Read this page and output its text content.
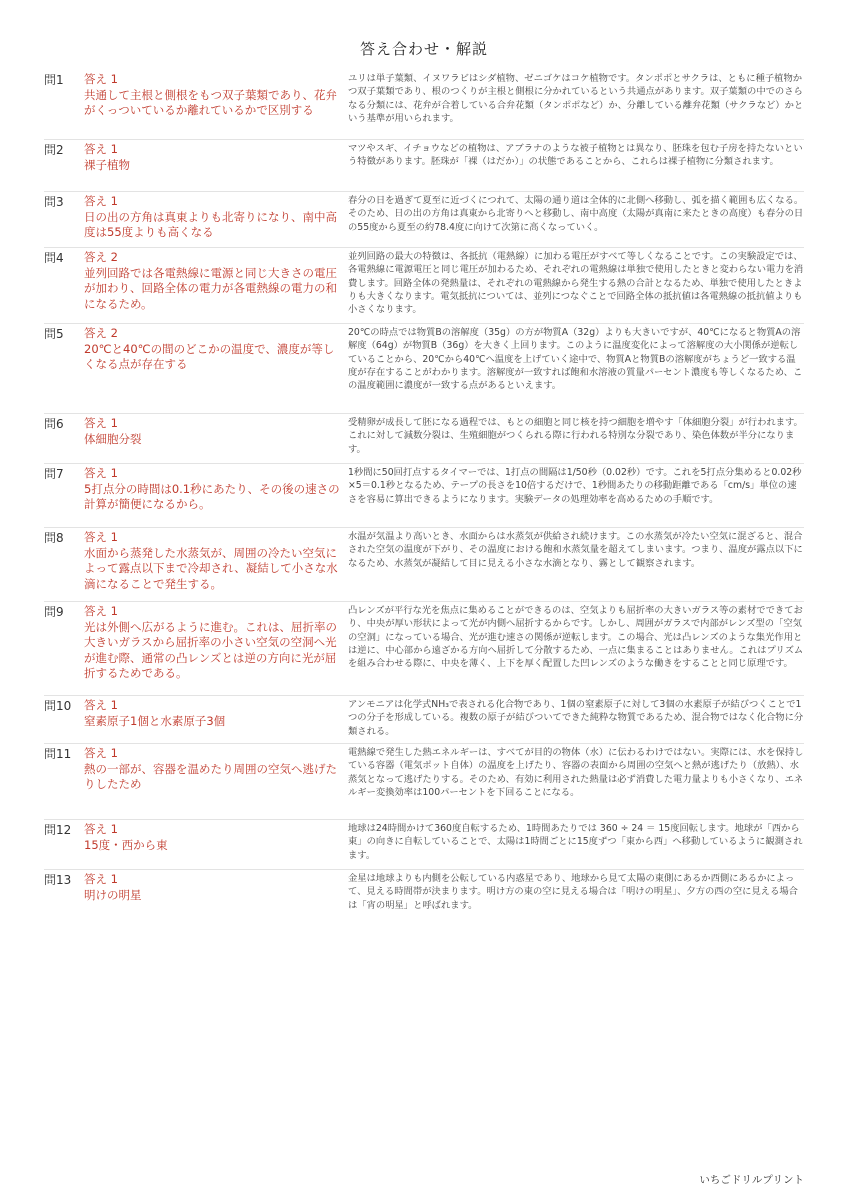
答え合わせ・解説
問1	答え 1
共通して主根と側根をもつ双子葉類であり、花弁がくっついているか離れているかで区別する
ユリは単子葉類、イヌワラビはシダ植物、ゼニゴケはコケ植物です。タンポポとサクラは、ともに種子植物かつ双子葉類であり、根のつくりが主根と側根に分かれているという共通点があります。双子葉類の中でのさらなる分類には、花弁が合着している合弁花類（タンポポなど）か、分離している離弁花類（サクラなど）かという基準が用いられます。
問2	答え 1
裸子植物
マツやスギ、イチョウなどの植物は、アブラナのような被子植物とは異なり、胚珠を包む子房を持たないという特徴があります。胚珠が「裸（はだか）」の状態であることから、これらは裸子植物に分類されます。
問3	答え 1
日の出の方角は真東よりも北寄りになり、南中高度は55度よりも高くなる
春分の日を過ぎて夏至に近づくにつれて、太陽の通り道は全体的に北側へ移動し、弧を描く範囲も広くなる。そのため、日の出の方角は真東から北寄りへと移動し、南中高度（太陽が真南に来たときの高度）も春分の日の55度から夏至の約78.4度に向けて次第に高くなっていく。
問4	答え 2
並列回路では各電熱線に電源と同じ大きさの電圧が加わり、回路全体の電力が各電熱線の電力の和になるため。
並列回路の最大の特徴は、各抵抗（電熱線）に加わる電圧がすべて等しくなることです。この実験設定では、各電熱線に電源電圧と同じ電圧が加わるため、それぞれの電熱線は単独で使用したときと変わらない電力を消費します。回路全体の発熱量は、それぞれの電熱線から発生する熱の合計となるため、単独で使用したときよりも大きくなります。電気抵抗については、並列につなぐことで回路全体の抵抗値は各電熱線の抵抗値よりも小さくなります。
問5	答え 2
20℃と40℃の間のどこかの温度で、濃度が等しくなる点が存在する
20℃の時点では物質Bの溶解度（35g）の方が物質A（32g）よりも大きいですが、40℃になると物質Aの溶解度（64g）が物質B（36g）を大きく上回ります。このように温度変化によって溶解度の大小関係が逆転していることから、20℃から40℃へ温度を上げていく途中で、物質Aと物質Bの溶解度がちょうど一致する温度が存在することがわかります。溶解度が一致すれば飽和水溶液の質量パーセント濃度も等しくなるため、この温度範囲に濃度が一致する点があるといえます。
問6	答え 1
体細胞分裂
受精卵が成長して胚になる過程では、もとの細胞と同じ核を持つ細胞を増やす「体細胞分裂」が行われます。これに対して減数分裂は、生殖細胞がつくられる際に行われる特別な分裂であり、染色体数が半分になります。
問7	答え 1
5打点分の時間は0.1秒にあたり、その後の速さの計算が簡便になるから。
1秒間に50回打点するタイマーでは、1打点の間隔は1/50秒（0.02秒）です。これを5打点分集めると0.02秒×5＝0.1秒となるため、テープの長さを10倍するだけで、1秒間あたりの移動距離である「cm/s」単位の速さを容易に算出できるようになります。実験データの処理効率を高めるための手順です。
問8	答え 1
水面から蒸発した水蒸気が、周囲の冷たい空気によって露点以下まで冷却され、凝結して小さな水滴になることで発生する。
水温が気温より高いとき、水面からは水蒸気が供給され続けます。この水蒸気が冷たい空気に混ざると、混合された空気の温度が下がり、その温度における飽和水蒸気量を超えてしまいます。つまり、温度が露点以下になるため、水蒸気が凝結して目に見える小さな水滴となり、霧として観察されます。
問9	答え 1
光は外側へ広がるように進む。これは、屈折率の大きいガラスから屈折率の小さい空気の空洞へ光が進む際、通常の凸レンズとは逆の方向に光が屈折するためである。
凸レンズが平行な光を焦点に集めることができるのは、空気よりも屈折率の大きいガラス等の素材でできており、中央が厚い形状によって光が内側へ屈折するからです。しかし、周囲がガラスで内部がレンズ型の「空気の空洞」になっている場合、光が進む速さの関係が逆転します。この場合、光は凸レンズのような集光作用とは逆に、中心部から遠ざかる方向へ屈折して分散するため、一点に集まることはありません。これはプリズムを組み合わせる際に、中央を薄く、上下を厚く配置した凹レンズのような働きをすることと同じ原理です。
問10	答え 1
窒素原子1個と水素原子3個
アンモニアは化学式NH₃で表される化合物であり、1個の窒素原子に対して3個の水素原子が結びつくことで1つの分子を形成している。複数の原子が結びついてできた純粋な物質であるため、混合物ではなく化合物に分類される。
問11	答え 1
熱の一部が、容器を温めたり周囲の空気へ逃げたりしたため
電熱線で発生した熱エネルギーは、すべてが目的の物体（水）に伝わるわけではない。実際には、水を保持している容器（電気ポット自体）の温度を上げたり、容器の表面から周囲の空気へと熱が逃げたり（放熱）、水蒸気となって逃げたりする。そのため、有効に利用された熱量は必ず消費した電力量よりも小さくなり、エネルギー変換効率は100パーセントを下回ることになる。
問12	答え 1
15度・西から東
地球は24時間かけて360度自転するため、1時間あたりでは 360 ÷ 24 ＝ 15度回転します。地球が「西から東」の向きに自転していることで、太陽は1時間ごとに15度ずつ「東から西」へ移動しているように観測されます。
問13	答え 1
明けの明星
金星は地球よりも内側を公転している内惑星であり、地球から見て太陽の東側にあるか西側にあるかによって、見える時間帯が決まります。明け方の東の空に見える場合は「明けの明星」、夕方の西の空に見える場合は「宵の明星」と呼ばれます。
いちごドリルプリント
